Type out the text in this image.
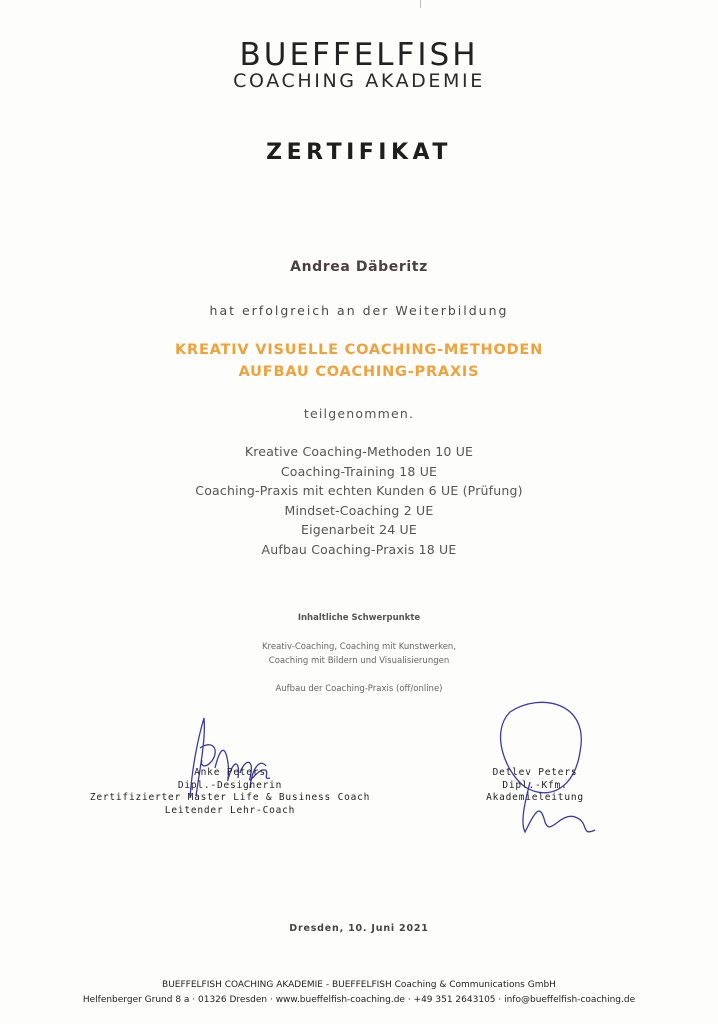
BUEFFELFISH
COACHING AKADEMIE
ZERTIFIKAT
Andrea Däberitz
hat erfolgreich an der Weiterbildung
KREATIV VISUELLE COACHING-METHODEN
AUFBAU COACHING-PRAXIS
teilgenommen.
Kreative Coaching-Methoden 10 UE
Coaching-Training 18 UE
Coaching-Praxis mit echten Kunden 6 UE (Prüfung)
Mindset-Coaching 2 UE
Eigenarbeit 24 UE
Aufbau Coaching-Praxis 18 UE
Inhaltliche Schwerpunkte
Kreativ-Coaching, Coaching mit Kunstwerken,
Coaching mit Bildern und Visualisierungen
Aufbau der Coaching-Praxis (off/online)
Anke Peters
Dipl.-Designerin
Zertifizierter Master Life & Business Coach
Leitender Lehr-Coach
Detlev Peters
Dipl.-Kfm.
Akademieleitung
Dresden, 10. Juni 2021
BUEFFELFISH COACHING AKADEMIE - BUEFFELFISH Coaching & Communications GmbH
Helfenberger Grund 8 a · 01326 Dresden · www.bueffelfish-coaching.de · +49 351 2643105 · info@bueffelfish-coaching.de
